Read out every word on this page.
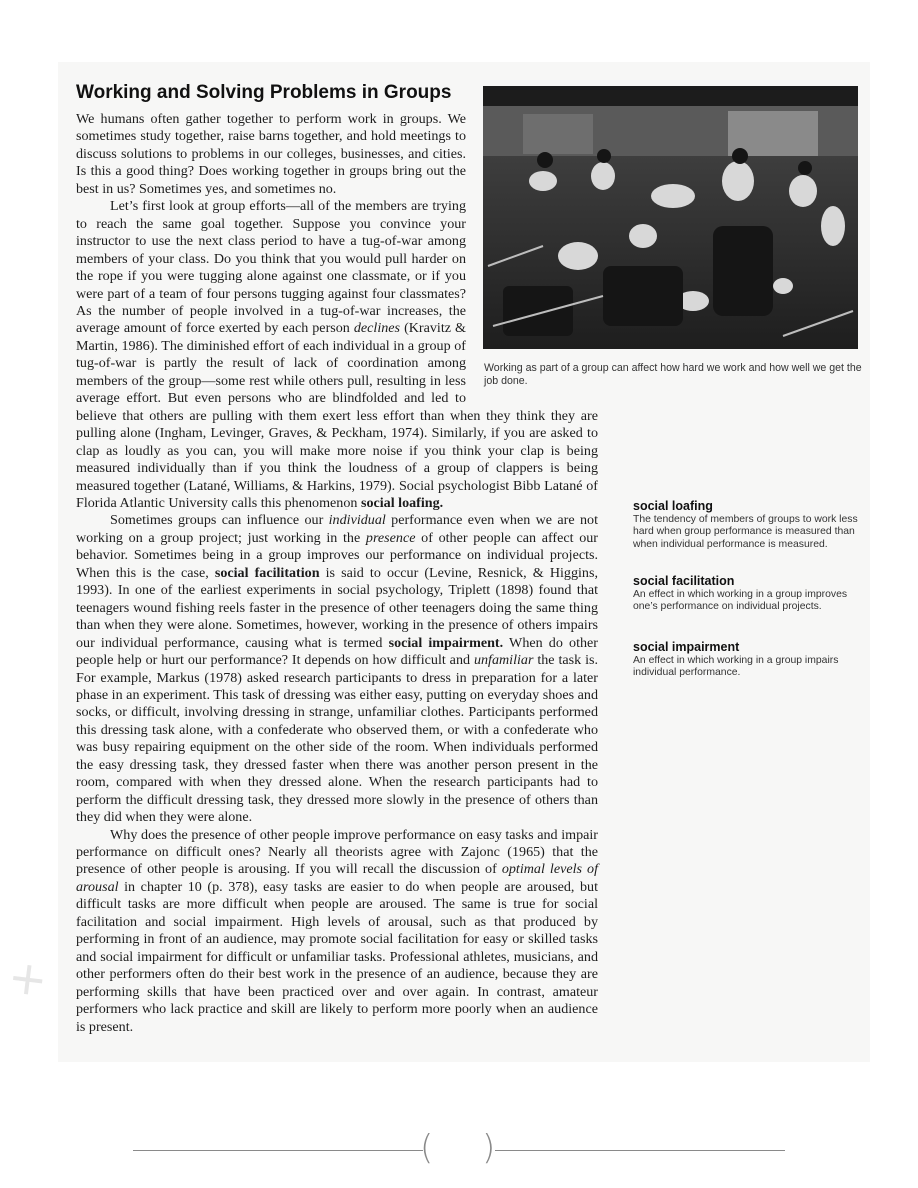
Working and Solving Problems in Groups
Working as part of a group can affect how hard we work and how well we get the job done.

We humans often gather together to perform work in groups. We sometimes study together, raise barns together, and hold meetings to discuss solutions to problems in our colleges, businesses, and cities. Is this a good thing? Does working together in groups bring out the best in us? Sometimes yes, and sometimes no.

Let’s first look at group efforts—all of the members are trying to reach the same goal together. Suppose you convince your instructor to use the next class period to have a tug-of-war among members of your class. Do you think that you would pull harder on the rope if you were tugging alone against one classmate, or if you were part of a team of four persons tugging against four classmates? As the number of people involved in a tug-of-war increases, the average amount of force exerted by each person declines (Kravitz & Martin, 1986). The diminished effort of each individual in a group of tug-of-war is partly the result of lack of coordination among members of the group—some rest while others pull, resulting in less average effort. But even persons who are blindfolded and led to believe that others are pulling with them exert less effort than when they think they are pulling alone (Ingham, Levinger, Graves, & Peckham, 1974). Similarly, if you are asked to clap as loudly as you can, you will make more noise if you think your clap is being measured individually than if you think the loudness of a group of clappers is being measured together (Latané, Williams, & Harkins, 1979). Social psychologist Bibb Latané of Florida Atlantic University calls this phenomenon social loafing.

Sometimes groups can influence our individual performance even when we are not working on a group project; just working in the presence of other people can affect our behavior. Sometimes being in a group improves our performance on individual projects. When this is the case, social facilitation is said to occur (Levine, Resnick, & Higgins, 1993). In one of the earliest experiments in social psychology, Triplett (1898) found that teenagers wound fishing reels faster in the presence of other teenagers doing the same thing than when they were alone. Sometimes, however, working in the presence of others impairs our individual performance, causing what is termed social impairment. When do other people help or hurt our performance? It depends on how difficult and unfamiliar the task is. For example, Markus (1978) asked research participants to dress in preparation for a later phase in an experiment. This task of dressing was either easy, putting on everyday shoes and socks, or difficult, involving dressing in strange, unfamiliar clothes. Participants performed this dressing task alone, with a confederate who observed them, or with a confederate who was busy repairing equipment on the other side of the room. When individuals performed the easy dressing task, they dressed faster when there was another person present in the room, compared with when they dressed alone. When the research participants had to perform the difficult dressing task, they dressed more slowly in the presence of others than they did when they were alone.

Why does the presence of other people improve performance on easy tasks and impair performance on difficult ones? Nearly all theorists agree with Zajonc (1965) that the presence of other people is arousing. If you will recall the discussion of optimal levels of arousal in chapter 10 (p. 378), easy tasks are easier to do when people are aroused, but difficult tasks are more difficult when people are aroused. The same is true for social facilitation and social impairment. High levels of arousal, such as that produced by performing in front of an audience, may promote social facilitation for easy or skilled tasks and social impairment for difficult or unfamiliar tasks. Professional athletes, musicians, and other performers often do their best work in the presence of an audience, because they are performing skills that have been practiced over and over again. In contrast, amateur performers who lack practice and skill are likely to perform more poorly when an audience is present.

social loafing

The tendency of members of groups to work less hard when group performance is measured than when individual performance is measured.

social facilitation

An effect in which working in a group improves one’s performance on individual projects.

social impairment

An effect in which working in a group impairs individual performance.

( )
✕
